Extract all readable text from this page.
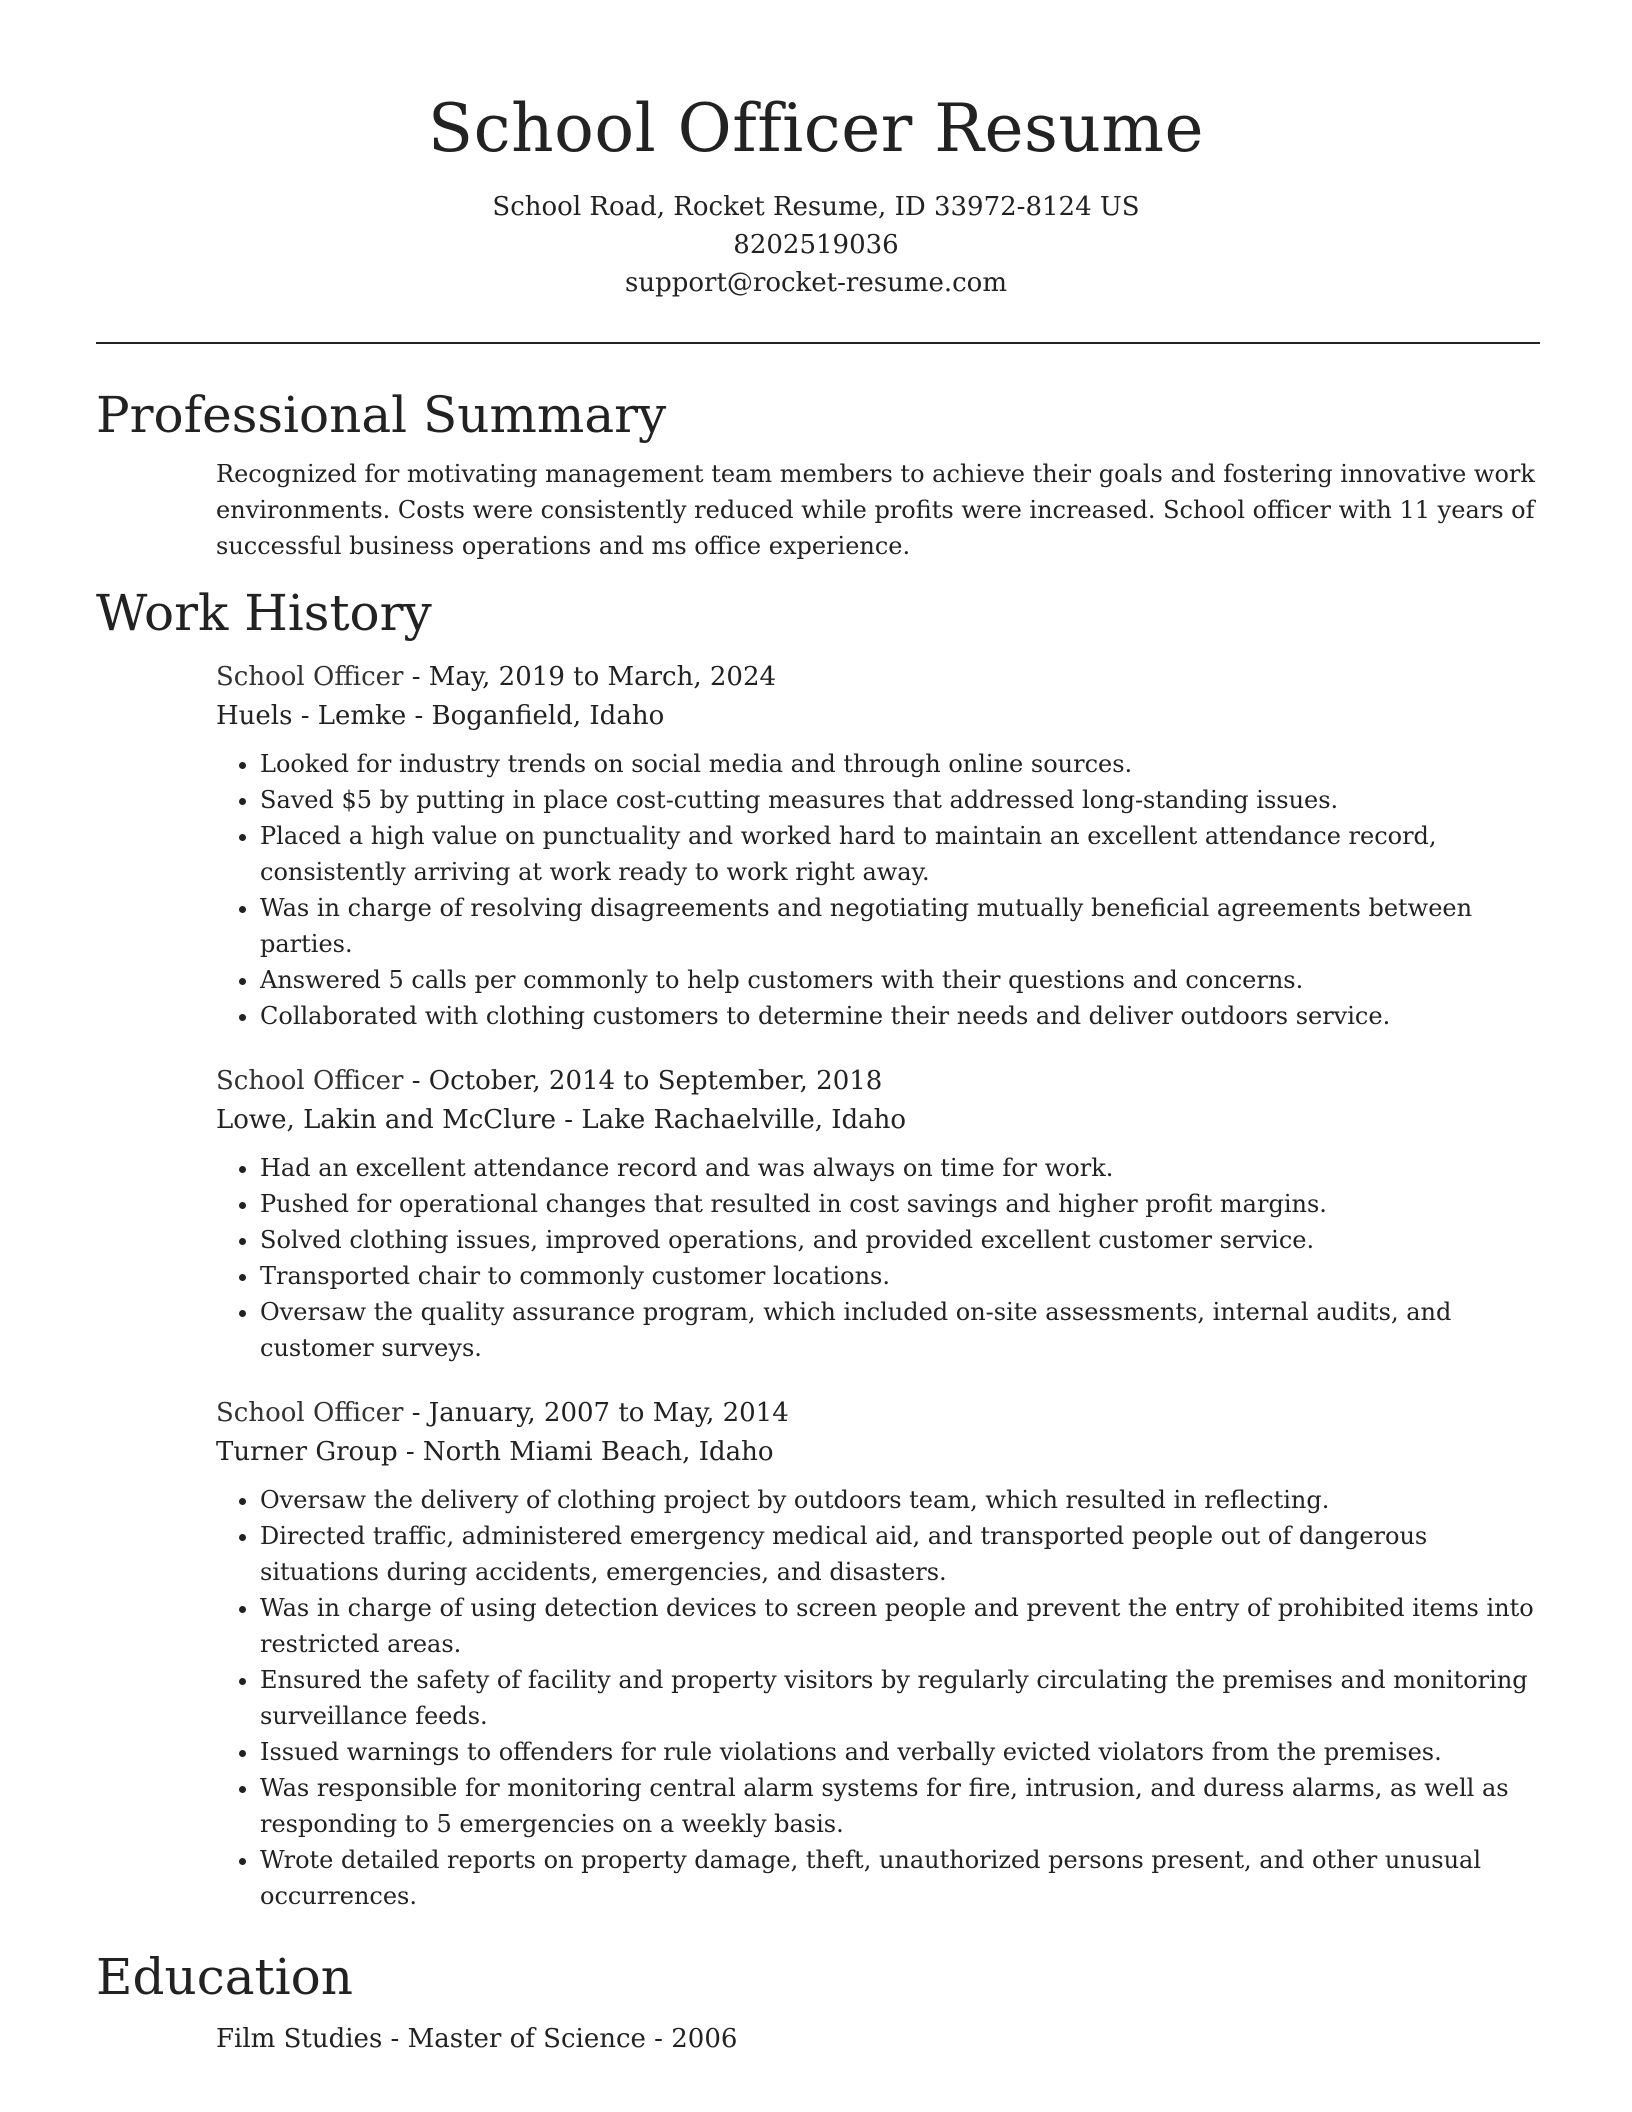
School Officer Resume
School Road, Rocket Resume, ID 33972-8124 US
8202519036
support@rocket-resume.com
Professional Summary

Recognized for motivating management team members to achieve their goals and fostering innovative work environments. Costs were consistently reduced while profits were increased. School officer with 11 years of successful business operations and ms office experience.

Work History
School Officer - May, 2019 to March, 2024
Huels - Lemke - Boganfield, Idaho
• Looked for industry trends on social media and through online sources.
• Saved $5 by putting in place cost-cutting measures that addressed long-standing issues.
• Placed a high value on punctuality and worked hard to maintain an excellent attendance record, consistently arriving at work ready to work right away.
• Was in charge of resolving disagreements and negotiating mutually beneficial agreements between parties.
• Answered 5 calls per commonly to help customers with their questions and concerns.
• Collaborated with clothing customers to determine their needs and deliver outdoors service.
School Officer - October, 2014 to September, 2018
Lowe, Lakin and McClure - Lake Rachaelville, Idaho
• Had an excellent attendance record and was always on time for work.
• Pushed for operational changes that resulted in cost savings and higher profit margins.
• Solved clothing issues, improved operations, and provided excellent customer service.
• Transported chair to commonly customer locations.
• Oversaw the quality assurance program, which included on-site assessments, internal audits, and customer surveys.
School Officer - January, 2007 to May, 2014
Turner Group - North Miami Beach, Idaho
• Oversaw the delivery of clothing project by outdoors team, which resulted in reflecting.
• Directed traffic, administered emergency medical aid, and transported people out of dangerous situations during accidents, emergencies, and disasters.
• Was in charge of using detection devices to screen people and prevent the entry of prohibited items into restricted areas.
• Ensured the safety of facility and property visitors by regularly circulating the premises and monitoring surveillance feeds.
• Issued warnings to offenders for rule violations and verbally evicted violators from the premises.
• Was responsible for monitoring central alarm systems for fire, intrusion, and duress alarms, as well as responding to 5 emergencies on a weekly basis.
• Wrote detailed reports on property damage, theft, unauthorized persons present, and other unusual occurrences.
Education
Film Studies - Master of Science - 2006
